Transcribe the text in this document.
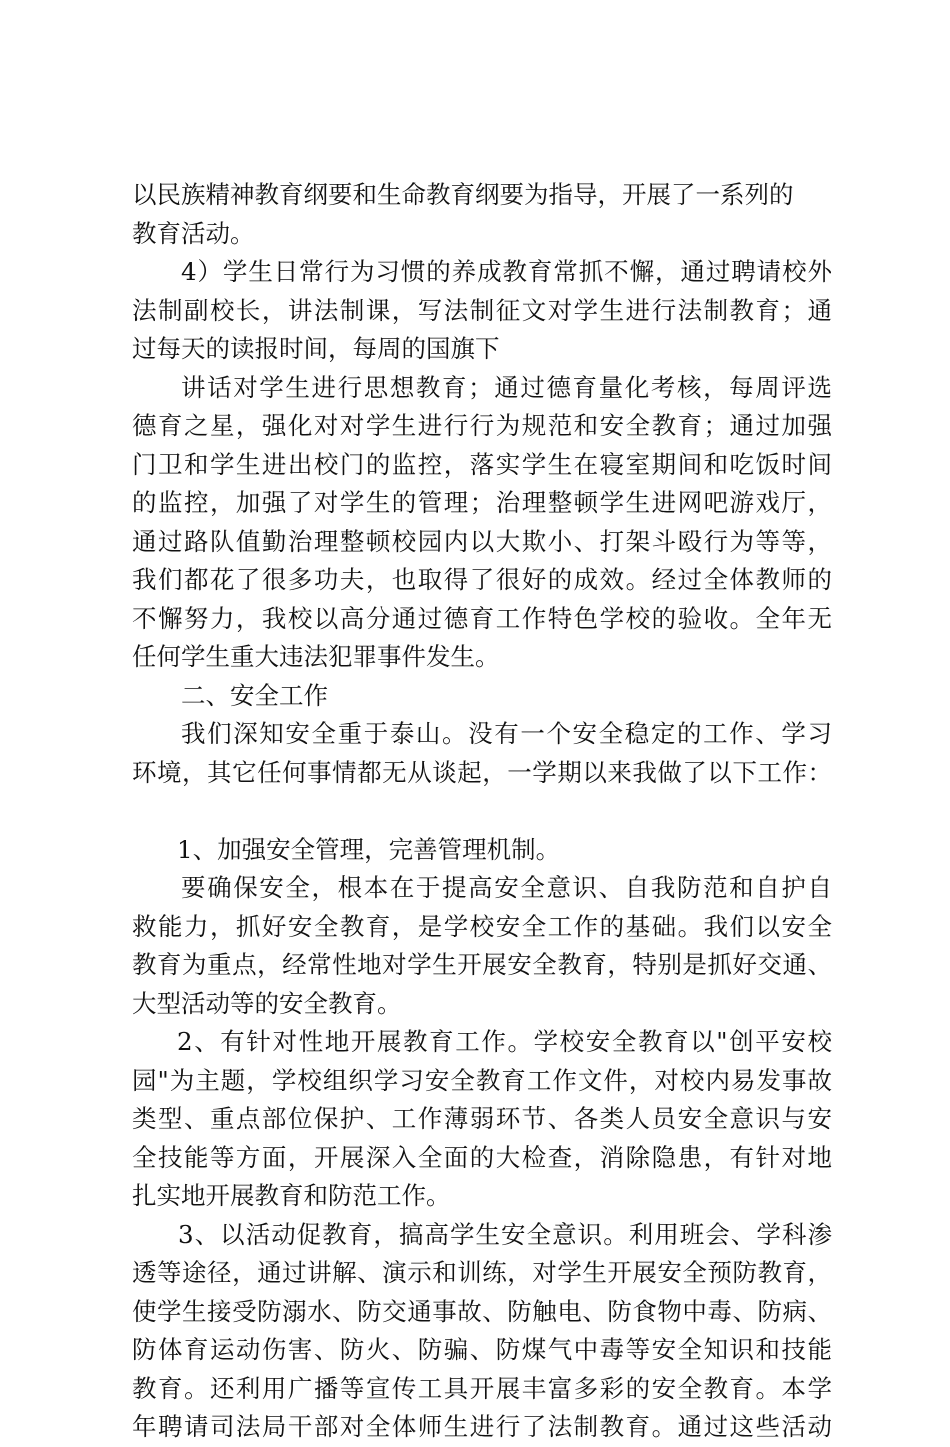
以民族精神教育纲要和生命教育纲要为指导，开展了一系列的
教育活动。
4）学生日常行为习惯的养成教育常抓不懈，通过聘请校外
法制副校长，讲法制课，写法制征文对学生进行法制教育；通
过每天的读报时间，每周的国旗下
讲话对学生进行思想教育；通过德育量化考核，每周评选
德育之星，强化对对学生进行行为规范和安全教育；通过加强
门卫和学生进出校门的监控，落实学生在寝室期间和吃饭时间
的监控，加强了对学生的管理；治理整顿学生进网吧游戏厅，
通过路队值勤治理整顿校园内以大欺小、打架斗殴行为等等，
我们都花了很多功夫，也取得了很好的成效。经过全体教师的
不懈努力，我校以高分通过德育工作特色学校的验收。全年无
任何学生重大违法犯罪事件发生。
二、安全工作
我们深知安全重于泰山。没有一个安全稳定的工作、学习
环境，其它任何事情都无从谈起，一学期以来我做了以下工作：
1、加强安全管理，完善管理机制。
要确保安全，根本在于提高安全意识、自我防范和自护自
救能力，抓好安全教育，是学校安全工作的基础。我们以安全
教育为重点，经常性地对学生开展安全教育，特别是抓好交通、
大型活动等的安全教育。
2、有针对性地开展教育工作。学校安全教育以"创平安校
园"为主题，学校组织学习安全教育工作文件，对校内易发事故
类型、重点部位保护、工作薄弱环节、各类人员安全意识与安
全技能等方面，开展深入全面的大检查，消除隐患，有针对地
扎实地开展教育和防范工作。
3、以活动促教育，搞高学生安全意识。利用班会、学科渗
透等途径，通过讲解、演示和训练，对学生开展安全预防教育，
使学生接受防溺水、防交通事故、防触电、防食物中毒、防病、
防体育运动伤害、防火、防骗、防煤气中毒等安全知识和技能
教育。还利用广播等宣传工具开展丰富多彩的安全教育。本学
年聘请司法局干部对全体师生进行了法制教育。通过这些活动
